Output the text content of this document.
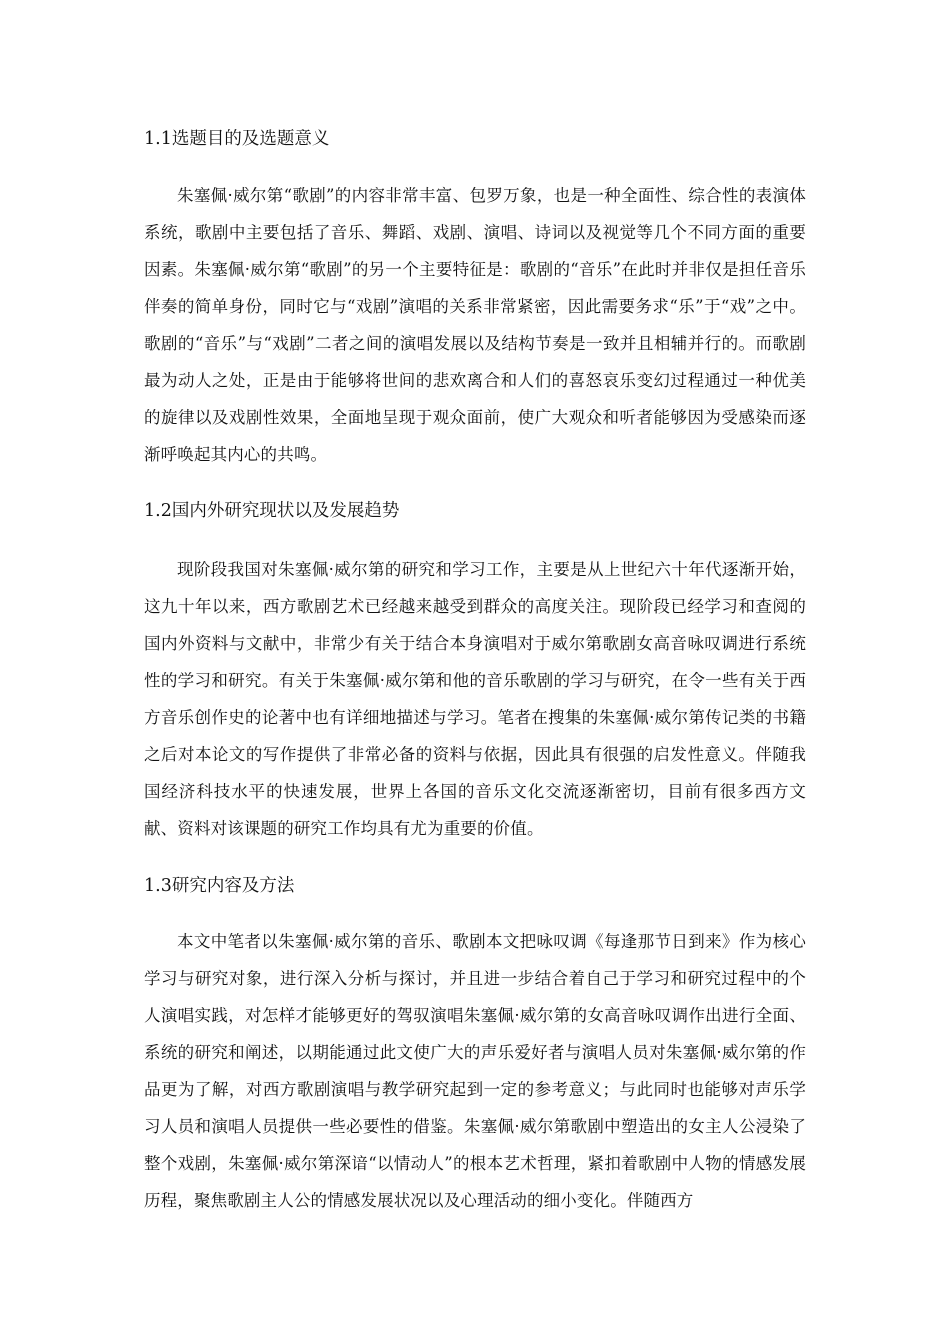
1.1选题目的及选题意义

朱塞佩·威尔第“歌剧”的内容非常丰富、包罗万象，也是一种全面性、综合性的表演体系统，歌剧中主要包括了音乐、舞蹈、戏剧、演唱、诗词以及视觉等几个不同方面的重要因素。朱塞佩·威尔第“歌剧”的另一个主要特征是：歌剧的“音乐”在此时并非仅是担任音乐伴奏的简单身份，同时它与“戏剧”演唱的关系非常紧密，因此需要务求“乐”于“戏”之中。歌剧的“音乐”与“戏剧”二者之间的演唱发展以及结构节奏是一致并且相辅并行的。而歌剧最为动人之处，正是由于能够将世间的悲欢离合和人们的喜怒哀乐变幻过程通过一种优美的旋律以及戏剧性效果，全面地呈现于观众面前，使广大观众和听者能够因为受感染而逐渐呼唤起其内心的共鸣。

1.2国内外研究现状以及发展趋势

现阶段我国对朱塞佩·威尔第的研究和学习工作，主要是从上世纪六十年代逐渐开始，这九十年以来，西方歌剧艺术已经越来越受到群众的高度关注。现阶段已经学习和查阅的国内外资料与文献中，非常少有关于结合本身演唱对于威尔第歌剧女高音咏叹调进行系统性的学习和研究。有关于朱塞佩·威尔第和他的音乐歌剧的学习与研究，在令一些有关于西方音乐创作史的论著中也有详细地描述与学习。笔者在搜集的朱塞佩·威尔第传记类的书籍之后对本论文的写作提供了非常必备的资料与依据，因此具有很强的启发性意义。伴随我国经济科技水平的快速发展，世界上各国的音乐文化交流逐渐密切，目前有很多西方文献、资料对该课题的研究工作均具有尤为重要的价值。

1.3研究内容及方法

本文中笔者以朱塞佩·威尔第的音乐、歌剧本文把咏叹调《每逢那节日到来》作为核心学习与研究对象，进行深入分析与探讨，并且进一步结合着自己于学习和研究过程中的个人演唱实践，对怎样才能够更好的驾驭演唱朱塞佩·威尔第的女高音咏叹调作出进行全面、系统的研究和阐述，以期能通过此文使广大的声乐爱好者与演唱人员对朱塞佩·威尔第的作品更为了解，对西方歌剧演唱与教学研究起到一定的参考意义；与此同时也能够对声乐学习人员和演唱人员提供一些必要性的借鉴。朱塞佩·威尔第歌剧中塑造出的女主人公浸染了整个戏剧，朱塞佩·威尔第深谙“以情动人”的根本艺术哲理，紧扣着歌剧中人物的情感发展历程，聚焦歌剧主人公的情感发展状况以及心理活动的细小变化。伴随西方
